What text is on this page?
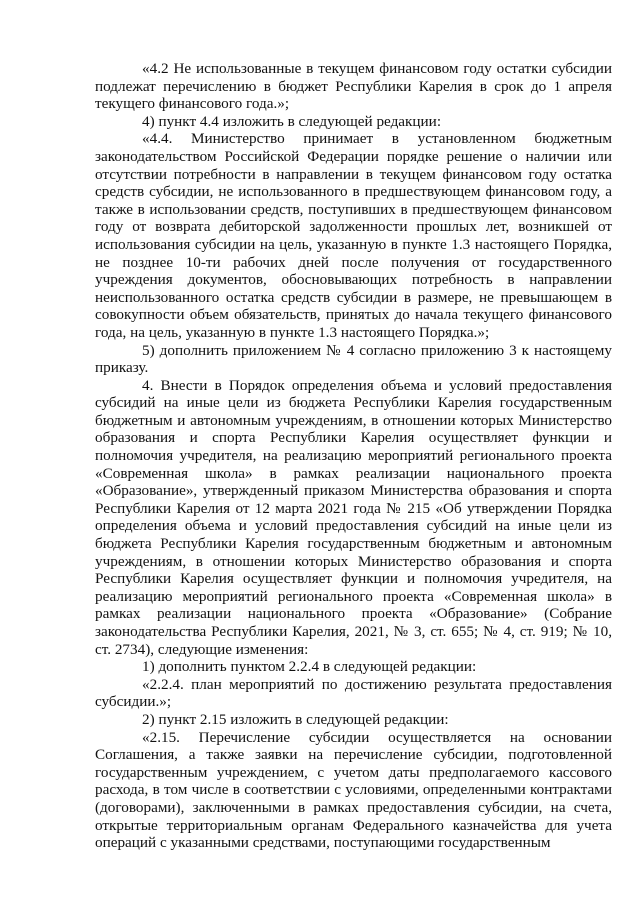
«4.2 Не использованные в текущем финансовом году остатки субсидии подлежат перечислению в бюджет Республики Карелия в срок до 1 апреля текущего финансового года.»;

4) пункт 4.4 изложить в следующей редакции:

«4.4. Министерство принимает в установленном бюджетным законодательством Российской Федерации порядке решение о наличии или отсутствии потребности в направлении в текущем финансовом году остатка средств субсидии, не использованного в предшествующем финансовом году, а также в использовании средств, поступивших в предшествующем финансовом году от возврата дебиторской задолженности прошлых лет, возникшей от использования субсидии на цель, указанную в пункте 1.3 настоящего Порядка, не позднее 10-ти рабочих дней после получения от государственного учреждения документов, обосновывающих потребность в направлении неиспользованного остатка средств субсидии в размере, не превышающем в совокупности объем обязательств, принятых до начала текущего финансового года, на цель, указанную в пункте 1.3 настоящего Порядка.»;

5) дополнить приложением № 4 согласно приложению 3 к настоящему приказу.

4. Внести в Порядок определения объема и условий предоставления субсидий на иные цели из бюджета Республики Карелия государственным бюджетным и автономным учреждениям, в отношении которых Министерство образования и спорта Республики Карелия осуществляет функции и полномочия учредителя, на реализацию мероприятий регионального проекта «Современная школа» в рамках реализации национального проекта «Образование», утвержденный приказом Министерства образования и спорта Республики Карелия от 12 марта 2021 года № 215 «Об утверждении Порядка определения объема и условий предоставления субсидий на иные цели из бюджета Республики Карелия государственным бюджетным и автономным учреждениям, в отношении которых Министерство образования и спорта Республики Карелия осуществляет функции и полномочия учредителя, на реализацию мероприятий регионального проекта «Современная школа» в рамках реализации национального проекта «Образование» (Собрание законодательства Республики Карелия, 2021, № 3, ст. 655; № 4, ст. 919; № 10, ст. 2734), следующие изменения:

1) дополнить пунктом 2.2.4 в следующей редакции:

«2.2.4. план мероприятий по достижению результата предоставления субсидии.»;

2) пункт 2.15 изложить в следующей редакции:

«2.15. Перечисление субсидии осуществляется на основании Соглашения, а также заявки на перечисление субсидии, подготовленной государственным учреждением, с учетом даты предполагаемого кассового расхода, в том числе в соответствии с условиями, определенными контрактами (договорами), заключенными в рамках предоставления субсидии, на счета, открытые территориальным органам Федерального казначейства для учета операций с указанными средствами, поступающими государственным
